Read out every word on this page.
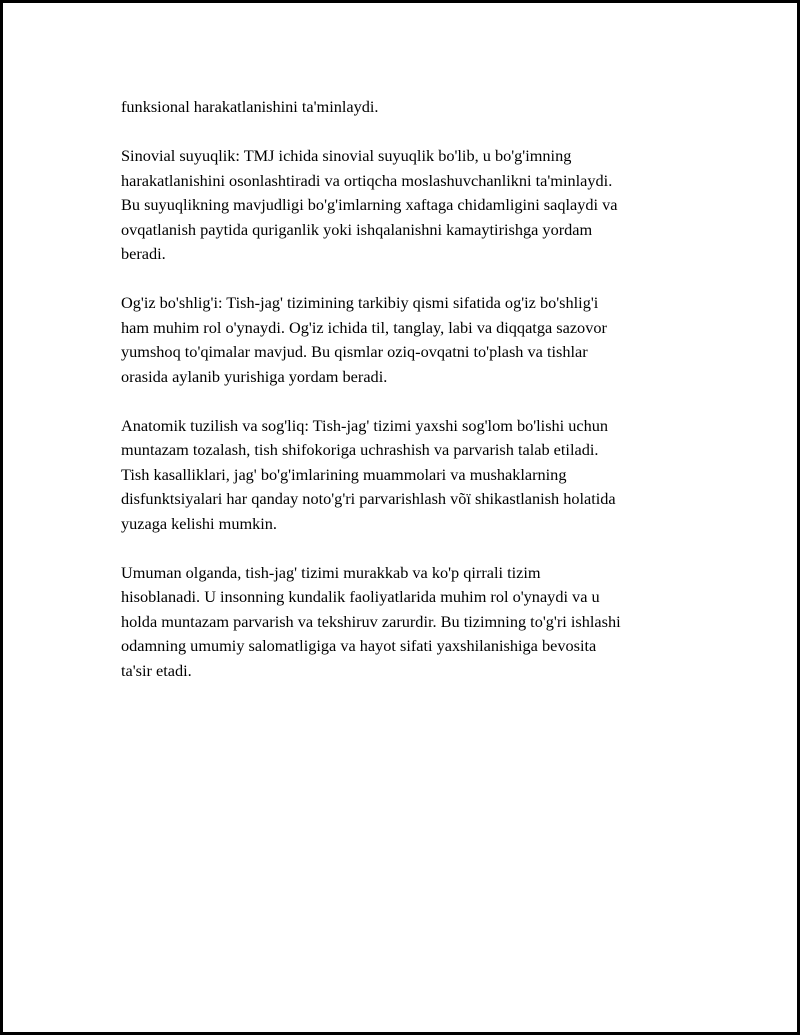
funksional harakatlanishini ta'minlaydi.

Sinovial suyuqlik: TMJ ichida sinovial suyuqlik bo'lib, u bo'g'imning
harakatlanishini osonlashtiradi va ortiqcha moslashuvchanlikni ta'minlaydi.
Bu suyuqlikning mavjudligi bo'g'imlarning xaftaga chidamligini saqlaydi va
ovqatlanish paytida quriganlik yoki ishqalanishni kamaytirishga yordam
beradi.

Og'iz bo'shlig'i: Tish-jag' tizimining tarkibiy qismi sifatida og'iz bo'shlig'i
ham muhim rol o'ynaydi. Og'iz ichida til, tanglay, labi va diqqatga sazovor
yumshoq to'qimalar mavjud. Bu qismlar oziq-ovqatni to'plash va tishlar
orasida aylanib yurishiga yordam beradi.

Anatomik tuzilish va sog'liq: Tish-jag' tizimi yaxshi sog'lom bo'lishi uchun
muntazam tozalash, tish shifokoriga uchrashish va parvarish talab etiladi.
Tish kasalliklari, jag' bo'g'imlarining muammolari va mushaklarning
disfunktsiyalari har qanday noto'g'ri parvarishlash võï shikastlanish holatida
yuzaga kelishi mumkin.

Umuman olganda, tish-jag' tizimi murakkab va ko'p qirrali tizim
hisoblanadi. U insonning kundalik faoliyatlarida muhim rol o'ynaydi va u
holda muntazam parvarish va tekshiruv zarurdir. Bu tizimning to'g'ri ishlashi
odamning umumiy salomatligiga va hayot sifati yaxshilanishiga bevosita
ta'sir etadi.
